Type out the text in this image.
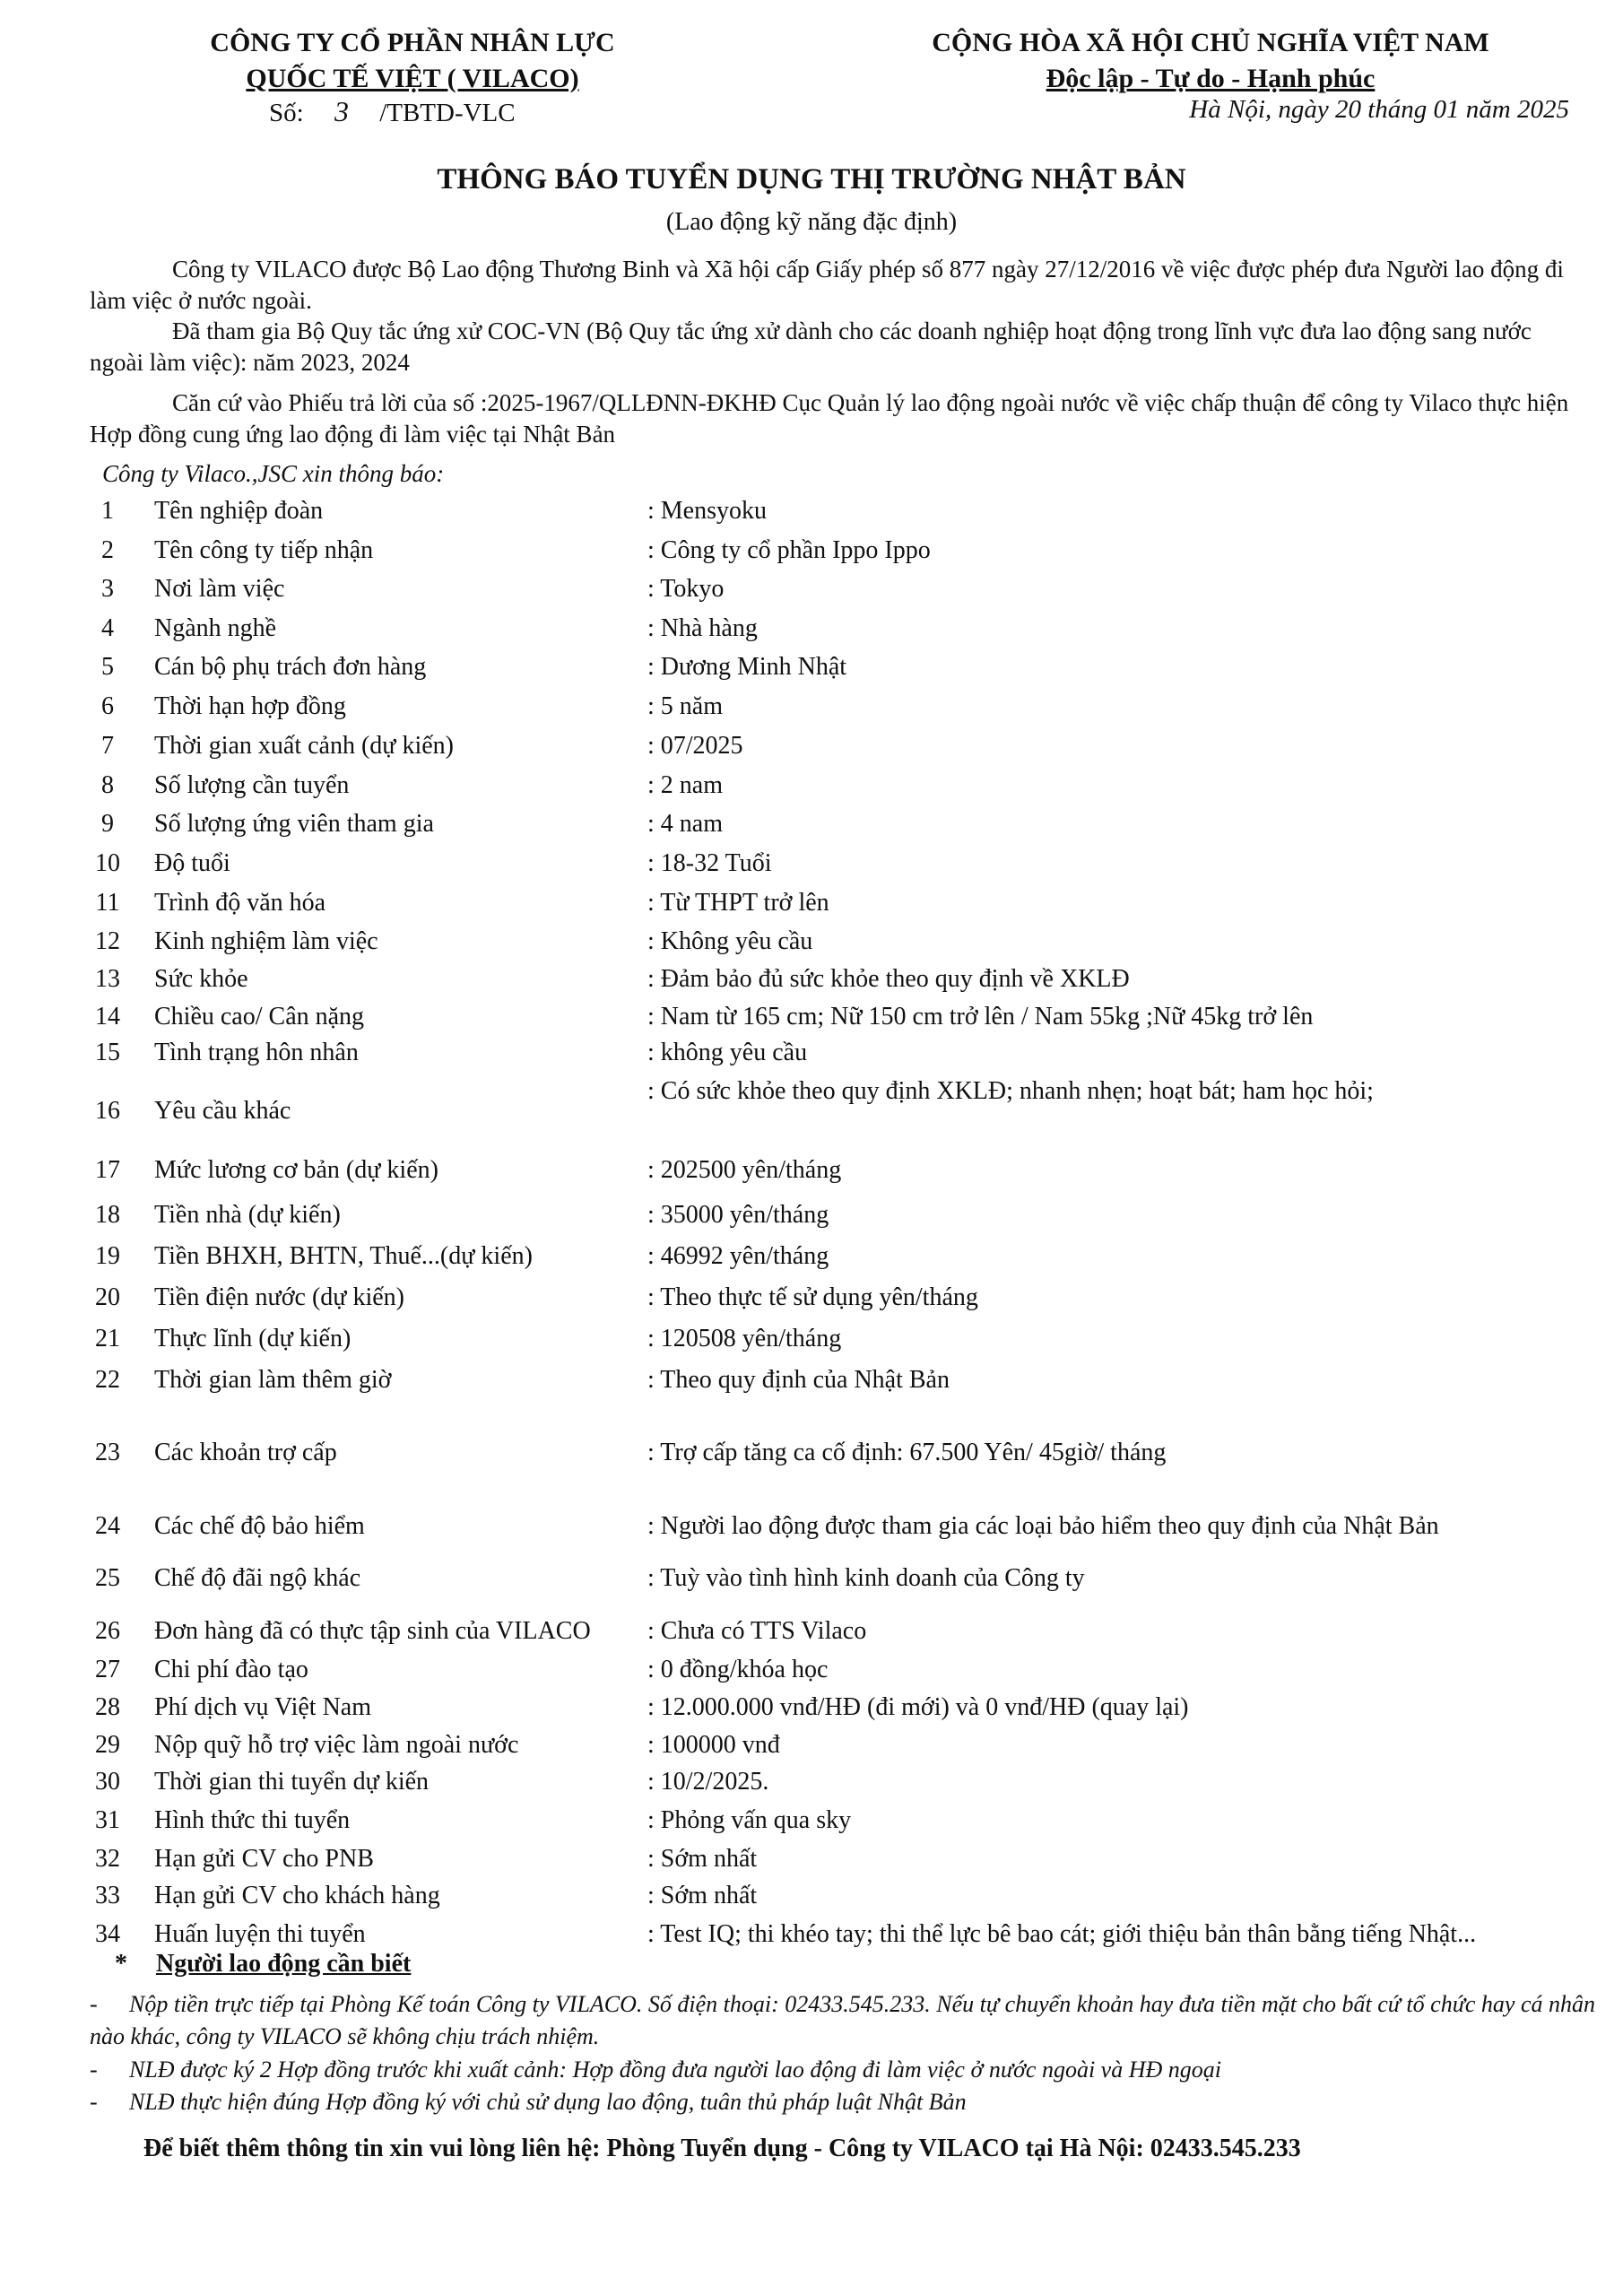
CÔNG TY CỔ PHẦN NHÂN LỰC
QUỐC TẾ VIỆT ( VILACO)
CỘNG HÒA XÃ HỘI CHỦ NGHĨA VIỆT NAM
Độc lập - Tự do - Hạnh phúc
Số: 3 /TBTD-VLC	Hà Nội, ngày 20 tháng 01 năm 2025
THÔNG BÁO TUYỂN DỤNG THỊ TRƯỜNG NHẬT BẢN
(Lao động kỹ năng đặc định)
Công ty VILACO được Bộ Lao động Thương Binh và Xã hội cấp Giấy phép số 877 ngày 27/12/2016 về việc được phép đưa Người lao động đi làm việc ở nước ngoài.
Đã tham gia Bộ Quy tắc ứng xử COC-VN (Bộ Quy tắc ứng xử dành cho các doanh nghiệp hoạt động trong lĩnh vực đưa lao động sang nước ngoài làm việc): năm 2023, 2024
Căn cứ vào Phiếu trả lời của số :2025-1967/QLLĐNN-ĐKHĐ Cục Quản lý lao động ngoài nước về việc chấp thuận để công ty Vilaco thực hiện Hợp đồng cung ứng lao động đi làm việc tại Nhật Bản
Công ty Vilaco.,JSC xin thông báo:
1	Tên nghiệp đoàn	: Mensyoku
2	Tên công ty tiếp nhận	: Công ty cổ phần Ippo Ippo
3	Nơi làm việc	: Tokyo
4	Ngành nghề	: Nhà hàng
5	Cán bộ phụ trách đơn hàng	: Dương Minh Nhật
6	Thời hạn hợp đồng	: 5 năm
7	Thời gian xuất cảnh (dự kiến)	: 07/2025
8	Số lượng cần tuyển	: 2 nam
9	Số lượng ứng viên tham gia	: 4 nam
10	Độ tuổi	: 18-32 Tuổi
11	Trình độ văn hóa	: Từ THPT trở lên
12	Kinh nghiệm làm việc	: Không yêu cầu
13	Sức khỏe	: Đảm bảo đủ sức khỏe theo quy định về XKLĐ
14	Chiều cao/ Cân nặng	: Nam từ 165 cm; Nữ 150 cm trở lên / Nam 55kg ;Nữ 45kg trở lên
15	Tình trạng hôn nhân	: không yêu cầu
16	Yêu cầu khác
: Có sức khỏe theo quy định XKLĐ; nhanh nhẹn; hoạt bát; ham học hỏi;
17	Mức lương cơ bản (dự kiến)	: 202500 yên/tháng
18	Tiền nhà (dự kiến)	: 35000 yên/tháng
19	Tiền BHXH, BHTN, Thuế...(dự kiến)	: 46992 yên/tháng
20	Tiền điện nước (dự kiến)	: Theo thực tế sử dụng yên/tháng
21	Thực lĩnh (dự kiến)	: 120508 yên/tháng
22	Thời gian làm thêm giờ	: Theo quy định của Nhật Bản
23	Các khoản trợ cấp	: Trợ cấp tăng ca cố định: 67.500 Yên/ 45giờ/ tháng
24	Các chế độ bảo hiểm	: Người lao động được tham gia các loại bảo hiểm theo quy định của Nhật Bản
25	Chế độ đãi ngộ khác	: Tuỳ vào tình hình kinh doanh của Công ty
26	Đơn hàng đã có thực tập sinh của VILACO : Chưa có TTS Vilaco
27	Chi phí đào tạo	: 0 đồng/khóa học
28	Phí dịch vụ Việt Nam	: 12.000.000 vnđ/HĐ (đi mới) và 0 vnđ/HĐ (quay lại)
29	Nộp quỹ hỗ trợ việc làm ngoài nước	: 100000 vnđ
30	Thời gian thi tuyển dự kiến	: 10/2/2025.
31	Hình thức thi tuyển	: Phỏng vấn qua sky
32	Hạn gửi CV cho PNB	: Sớm nhất
33	Hạn gửi CV cho khách hàng	: Sớm nhất
34	Huấn luyện thi tuyển	: Test IQ; thi khéo tay; thi thể lực bê bao cát; giới thiệu bản thân bằng tiếng Nhật...
* Người lao động cần biết
- Nộp tiền trực tiếp tại Phòng Kế toán Công ty VILACO. Số điện thoại: 02433.545.233. Nếu tự chuyển khoản hay đưa tiền mặt cho bất cứ tổ chức hay cá nhân nào khác, công ty VILACO sẽ không chịu trách nhiệm.
- NLĐ được ký 2 Hợp đồng trước khi xuất cảnh: Hợp đồng đưa người lao động đi làm việc ở nước ngoài và HĐ ngoại
- NLĐ thực hiện đúng Hợp đồng ký với chủ sử dụng lao động, tuân thủ pháp luật Nhật Bản
Để biết thêm thông tin xin vui lòng liên hệ: Phòng Tuyển dụng - Công ty VILACO tại Hà Nội: 02433.545.233
